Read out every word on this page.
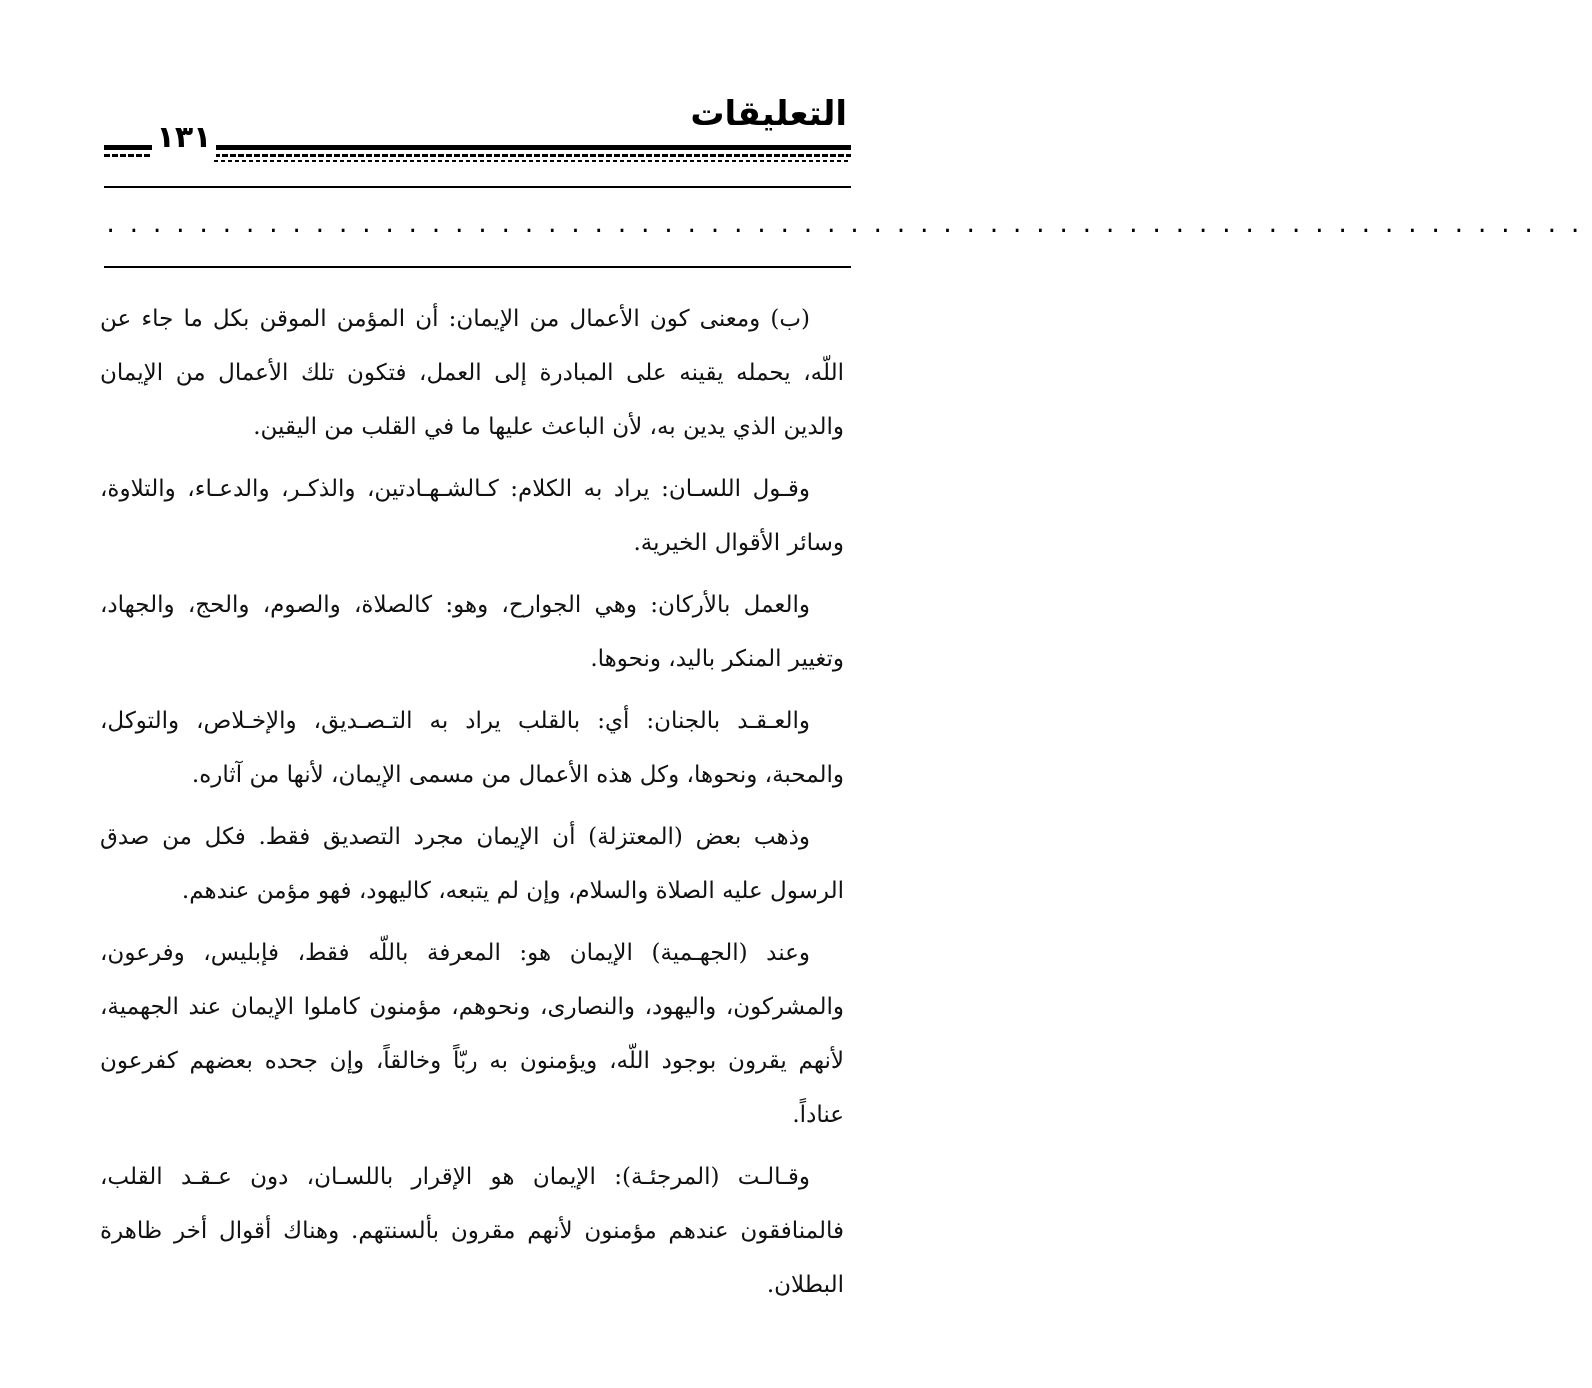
التعليقات
١٣١
................................................................

(ب) ومعنى كون الأعمال من الإيمان: أن المؤمن الموقن بكل ما جاء عن اللّه، يحمله يقينه على المبادرة إلى العمل، فتكون تلك الأعمال من الإيمان والدين الذي يدين به، لأن الباعث عليها ما في القلب من اليقين.

وقـول اللسـان: يراد به الكلام: كـالشـهـادتين، والذكـر، والدعـاء، والتلاوة، وسائر الأقوال الخيرية.

والعمل بالأركان: وهي الجوارح، وهو: كالصلاة، والصوم، والحج، والجهاد، وتغيير المنكر باليد، ونحوها.

والعـقـد بالجنان: أي: بالقلب يراد به التـصـديق، والإخـلاص، والتوكل، والمحبة، ونحوها، وكل هذه الأعمال من مسمى الإيمان، لأنها من آثاره.

وذهب بعض (المعتزلة) أن الإيمان مجرد التصديق فقط. فكل من صدق الرسول عليه الصلاة والسلام، وإن لم يتبعه، كاليهود، فهو مؤمن عندهم.

وعند (الجهـمية) الإيمان هو: المعرفة باللّه فقط، فإبليس، وفرعون، والمشركون، واليهود، والنصارى، ونحوهم، مؤمنون كاملوا الإيمان عند الجهمية، لأنهم يقرون بوجود اللّه، ويؤمنون به ربّاً وخالقاً، وإن جحده بعضهم كفرعون عناداً.

وقـالـت (المرجئـة): الإيمان هو الإقرار باللسـان، دون عـقـد القلب، فالمنافقون عندهم مؤمنون لأنهم مقرون بألسنتهم. وهناك أقوال أخر ظاهرة البطلان.
